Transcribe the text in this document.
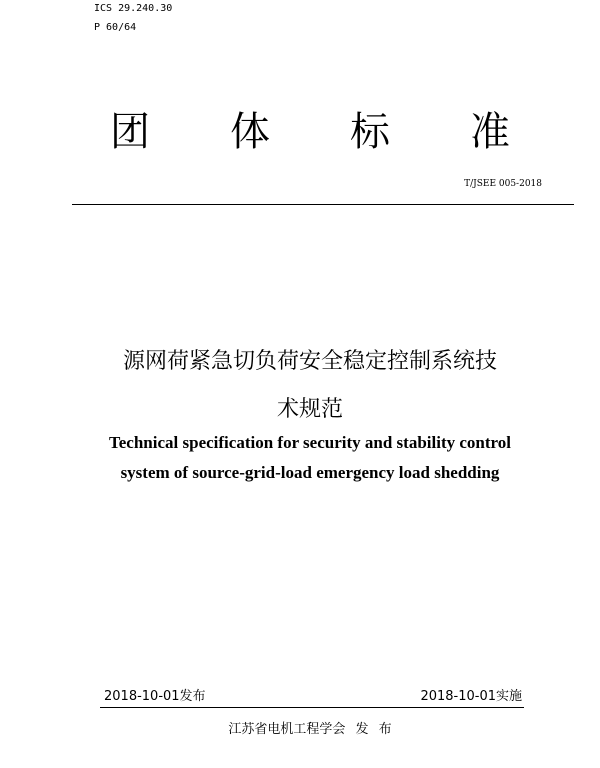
ICS 29.240.30
P 60/64
团 体 标 准
T/JSEE 005-2018
源网荷紧急切负荷安全稳定控制系统技
术规范
Technical specification for security and stability control
system of source-grid-load emergency load shedding
2018-10-01发布	2018-10-01实施
江苏省电机工程学会 发 布
